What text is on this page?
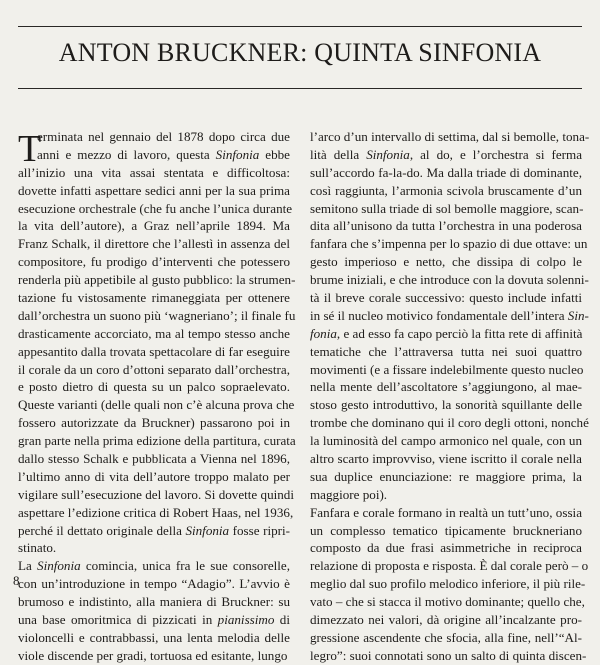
ANTON BRUCKNER: QUINTA SINFONIA
T
erminata nel gennaio del 1878 dopo circa due
anni e mezzo di lavoro, questa Sinfonia ebbe
all’inizio una vita assai stentata e difficoltosa:
dovette infatti aspettare sedici anni per la sua prima
esecuzione orchestrale (che fu anche l’unica durante
la vita dell’autore), a Graz nell’aprile 1894. Ma
Franz Schalk, il direttore che l’allestì in assenza del
compositore, fu prodigo d’interventi che potessero
renderla più appetibile al gusto pubblico: la strumen-
tazione fu vistosamente rimaneggiata per ottenere
dall’orchestra un suono più ‘wagneriano’; il finale fu
drasticamente accorciato, ma al tempo stesso anche
appesantito dalla trovata spettacolare di far eseguire
il corale da un coro d’ottoni separato dall’orchestra,
e posto dietro di questa su un palco sopraelevato.
Queste varianti (delle quali non c’è alcuna prova che
fossero autorizzate da Bruckner) passarono poi in
gran parte nella prima edizione della partitura, curata
dallo stesso Schalk e pubblicata a Vienna nel 1896,
l’ultimo anno di vita dell’autore troppo malato per
vigilare sull’esecuzione del lavoro. Si dovette quindi
aspettare l’edizione critica di Robert Haas, nel 1936,
perché il dettato originale della Sinfonia fosse ripri-
stinato.
La Sinfonia comincia, unica fra le sue consorelle,
con un’introduzione in tempo “Adagio”. L’avvio è
brumoso e indistinto, alla maniera di Bruckner: su
una base omoritmica di pizzicati in pianissimo di
violoncelli e contrabbassi, una lenta melodia delle
viole discende per gradi, tortuosa ed esitante, lungo
l’arco d’un intervallo di settima, dal si bemolle, tona-
lità della Sinfonia, al do, e l’orchestra si ferma
sull’accordo fa-la-do. Ma dalla triade di dominante,
così raggiunta, l’armonia scivola bruscamente d’un
semitono sulla triade di sol bemolle maggiore, scan-
dita all’unisono da tutta l’orchestra in una poderosa
fanfara che s’impenna per lo spazio di due ottave: un
gesto imperioso e netto, che dissipa di colpo le
brume iniziali, e che introduce con la dovuta solenni-
tà il breve corale successivo: questo include infatti
in sé il nucleo motivico fondamentale dell’intera Sin-
fonia, e ad esso fa capo perciò la fitta rete di affinità
tematiche che l’attraversa tutta nei suoi quattro
movimenti (e a fissare indelebilmente questo nucleo
nella mente dell’ascoltatore s’aggiungono, al mae-
stoso gesto introduttivo, la sonorità squillante delle
trombe che dominano qui il coro degli ottoni, nonché
la luminosità del campo armonico nel quale, con un
altro scarto improvviso, viene iscritto il corale nella
sua duplice enunciazione: re maggiore prima, la
maggiore poi).
Fanfara e corale formano in realtà un tutt’uno, ossia
un complesso tematico tipicamente bruckneriano
composto da due frasi asimmetriche in reciproca
relazione di proposta e risposta. È dal corale però – o
meglio dal suo profilo melodico inferiore, il più rile-
vato – che si stacca il motivo dominante; quello che,
dimezzato nei valori, dà origine all’incalzante pro-
gressione ascendente che sfocia, alla fine, nell’“Al-
legro”: suoi connotati sono un salto di quinta discen-
8
